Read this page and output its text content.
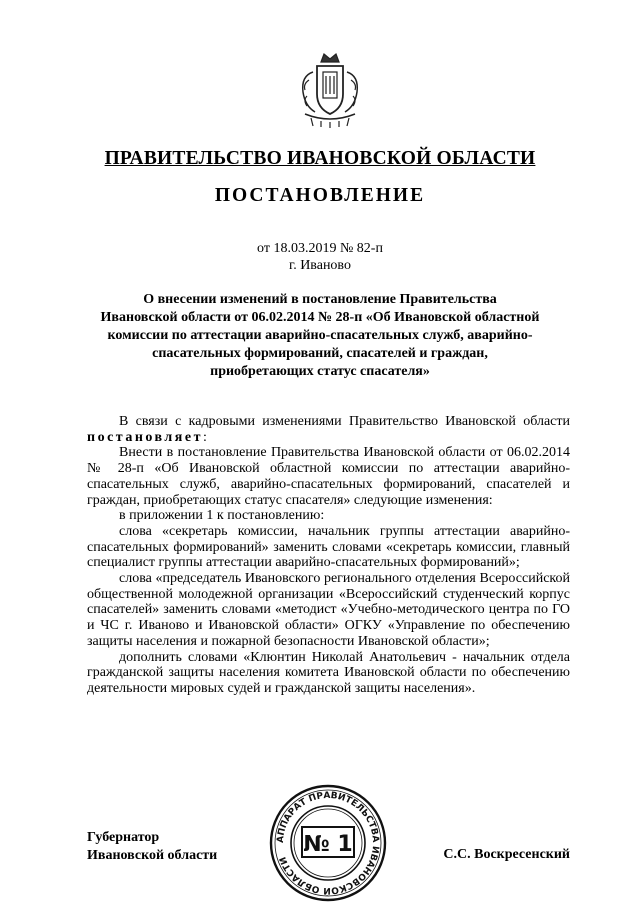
ПРАВИТЕЛЬСТВО ИВАНОВСКОЙ ОБЛАСТИ
ПОСТАНОВЛЕНИЕ
от 18.03.2019 № 82-п
г. Иваново
О внесении изменений в постановление Правительства
Ивановской области от 06.02.2014 № 28-п «Об Ивановской областной
комиссии по аттестации аварийно-спасательных служб, аварийно-
спасательных формирований, спасателей и граждан,
приобретающих статус спасателя»

В связи с кадровыми изменениями Правительство Ивановской области постановляет:

Внести в постановление Правительства Ивановской области от 06.02.2014 № 28-п «Об Ивановской областной комиссии по аттестации аварийно-спасательных служб, аварийно-спасательных формирований, спасателей и граждан, приобретающих статус спасателя» следующие изменения:

в приложении 1 к постановлению:

слова «секретарь комиссии, начальник группы аттестации аварийно-спасательных формирований» заменить словами «секретарь комиссии, главный специалист группы аттестации аварийно-спасательных формирований»;

слова «председатель Ивановского регионального отделения Всероссийской общественной молодежной организации «Всероссийский студенческий корпус спасателей» заменить словами «методист «Учебно-методического центра по ГО и ЧС г. Иваново и Ивановской области» ОГКУ «Управление по обеспечению защиты населения и пожарной безопасности Ивановской области»;

дополнить словами «Клюнтин Николай Анатольевич - начальник отдела гражданской защиты населения комитета Ивановской области по обеспечению деятельности мировых судей и гражданской защиты населения».

Губернатор
Ивановской области	С.С. Воскресенский
АППАРАТ ПРАВИТЕЛЬСТВА ИВАНОВСКОЙ ОБЛАСТИ
№ 1
